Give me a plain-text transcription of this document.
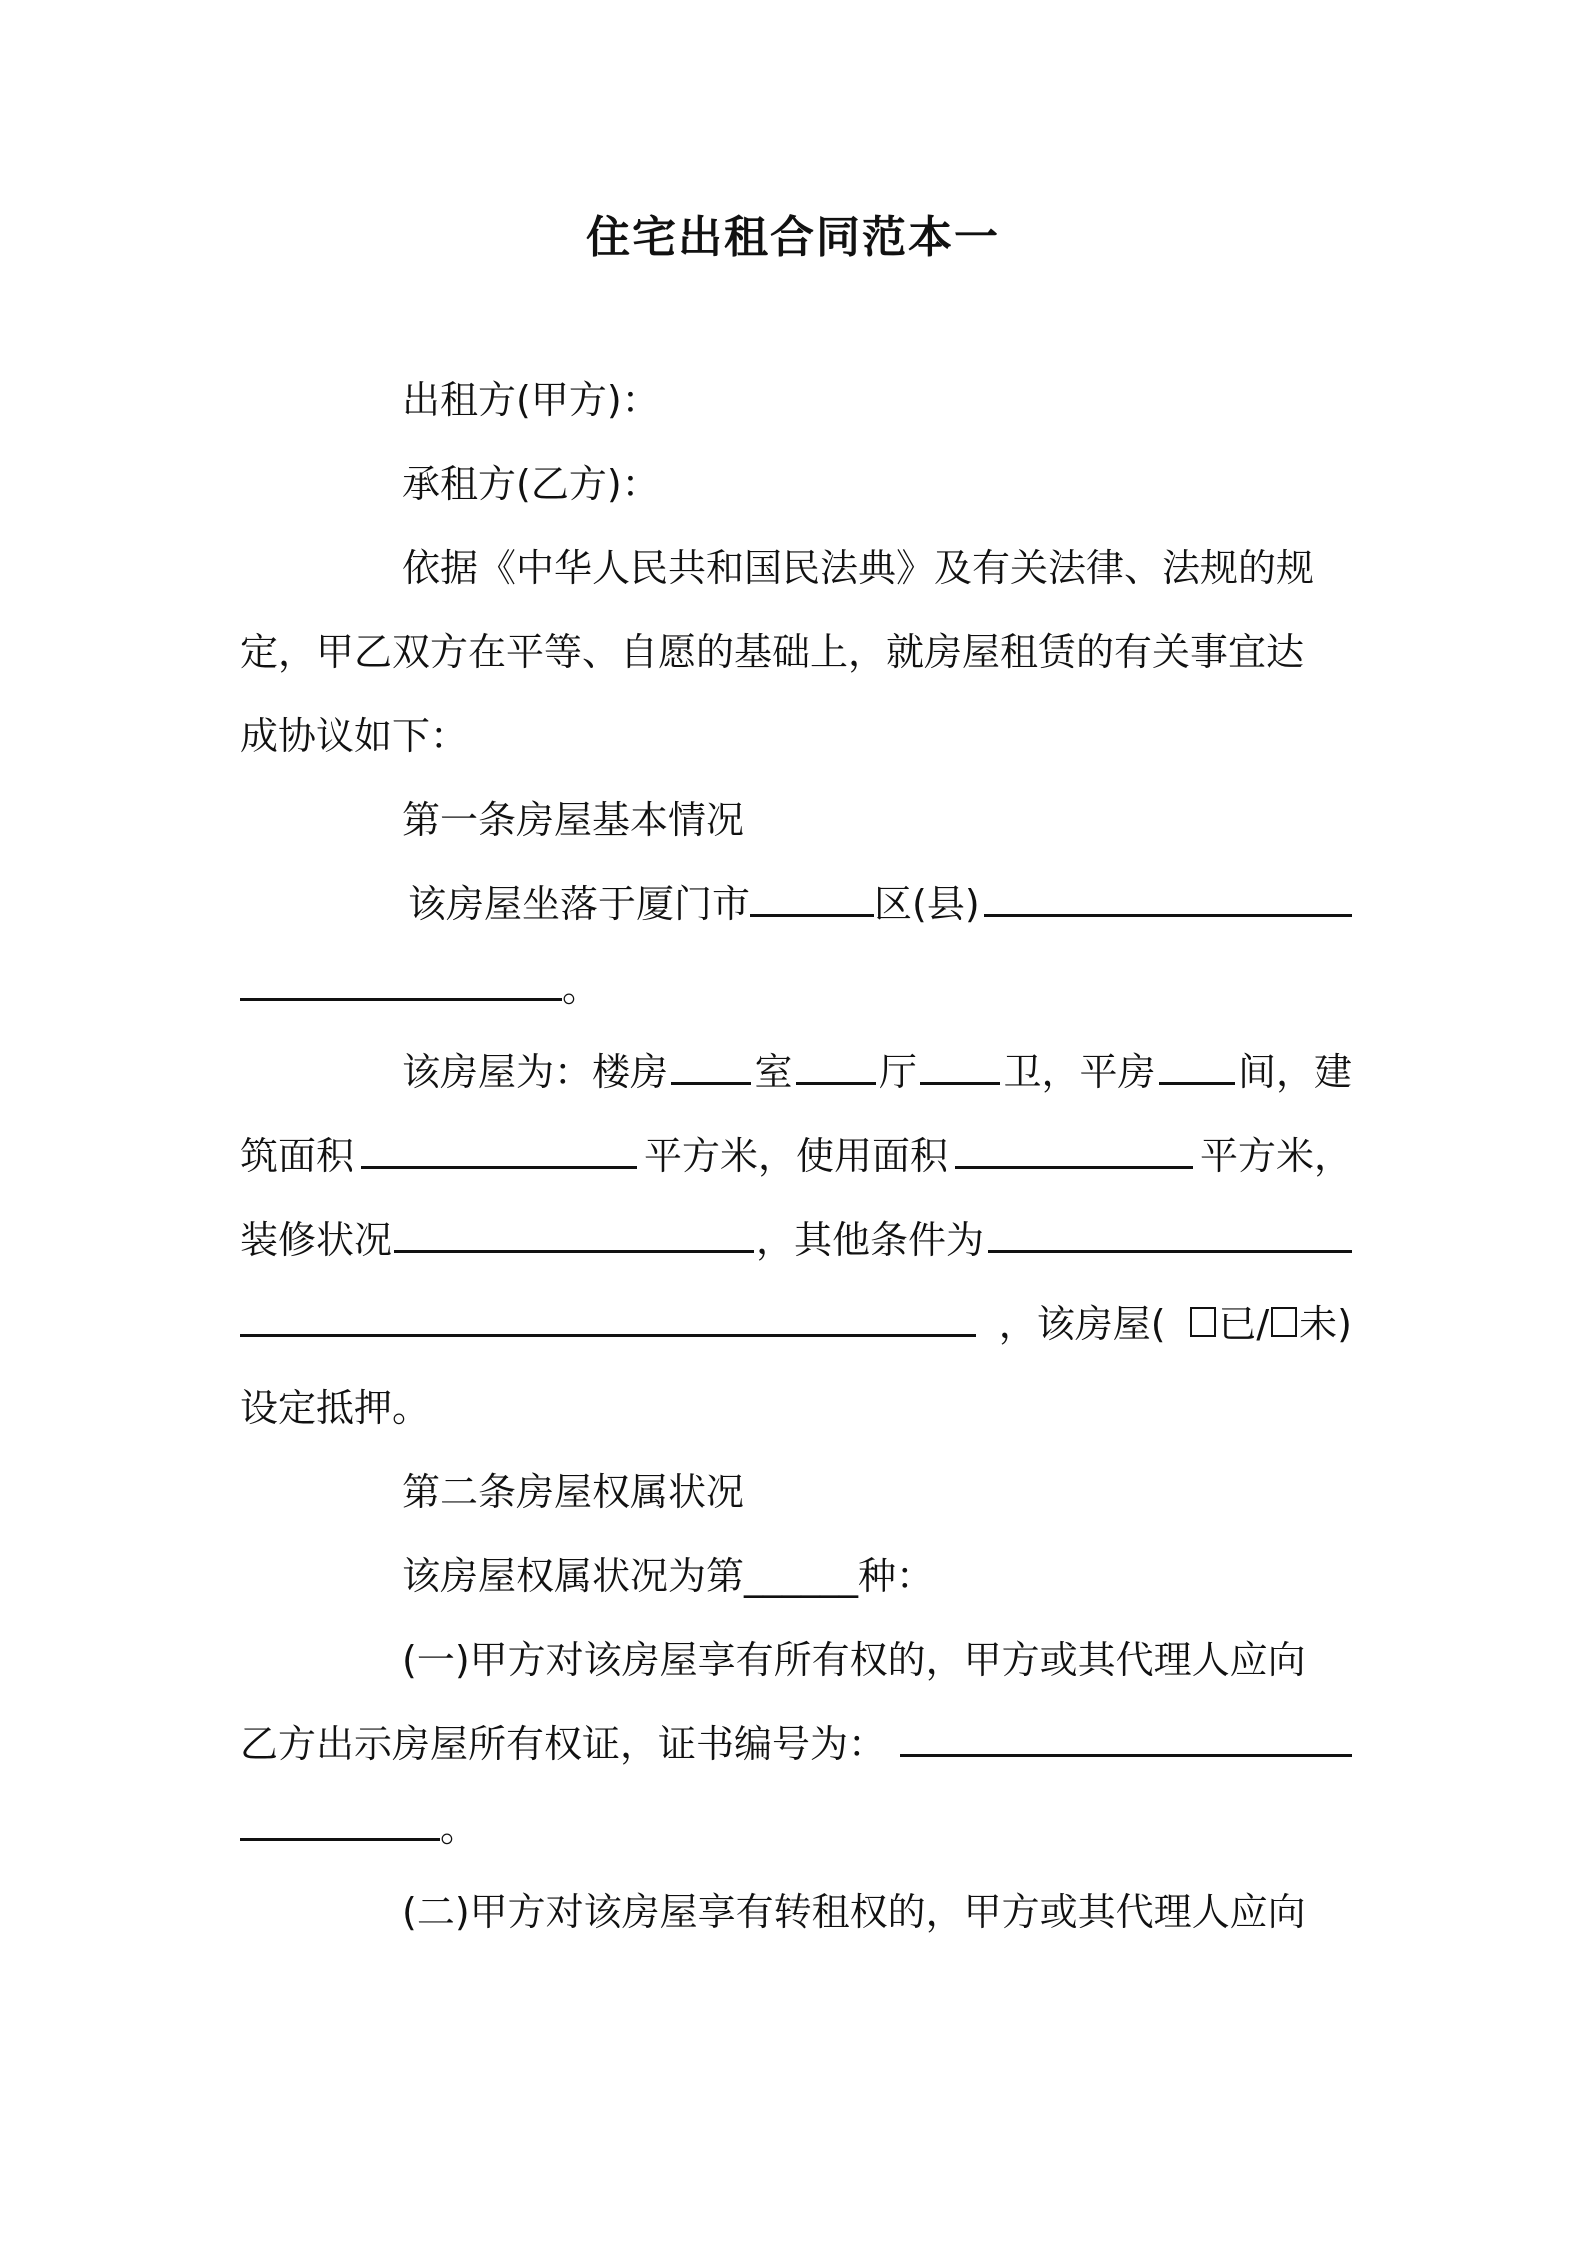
住宅出租合同范本一
出租方(甲方)：
承租方(乙方)：
依据《中华人民共和国民法典》及有关法律、法规的规
定，甲乙双方在平等、自愿的基础上，就房屋租赁的有关事宜达
成协议如下：
第一条房屋基本情况
该房屋坐落于厦门市	区(县)
。
该房屋为：楼房 室 厅 卫，平房 间，建
筑面积	平方米，使用面积	平方米，
装修状况	，其他条件为
，该房屋( 已/ 未)
设定抵押。
第二条房屋权属状况
该房屋权属状况为第______种：
(一)甲方对该房屋享有所有权的，甲方或其代理人应向
乙方出示房屋所有权证，证书编号为：
。
(二)甲方对该房屋享有转租权的，甲方或其代理人应向
